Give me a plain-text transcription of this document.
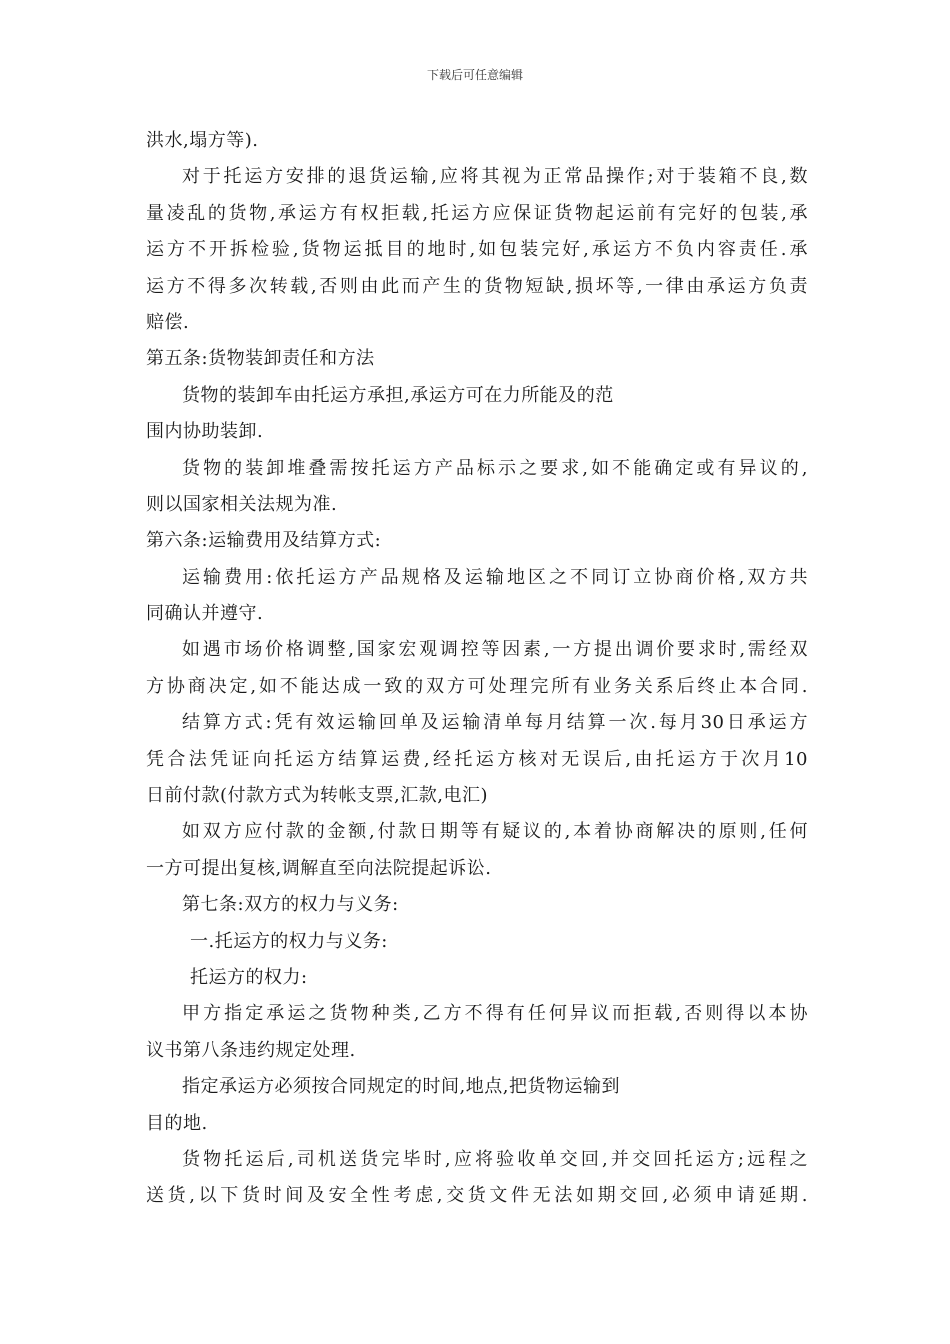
下载后可任意编辑
洪水,塌方等).
对于托运方安排的退货运输,应将其视为正常品操作;对于装箱不良,数
量凌乱的货物,承运方有权拒载,托运方应保证货物起运前有完好的包装,承
运方不开拆检验,货物运抵目的地时,如包装完好,承运方不负内容责任.承
运方不得多次转载,否则由此而产生的货物短缺,损坏等,一律由承运方负责
赔偿.
第五条:货物装卸责任和方法
货物的装卸车由托运方承担,承运方可在力所能及的范
围内协助装卸.
货物的装卸堆叠需按托运方产品标示之要求,如不能确定或有异议的,
则以国家相关法规为准.
第六条:运输费用及结算方式:
运输费用:依托运方产品规格及运输地区之不同订立协商价格,双方共
同确认并遵守.
如遇市场价格调整,国家宏观调控等因素,一方提出调价要求时,需经双
方协商决定,如不能达成一致的双方可处理完所有业务关系后终止本合同.
结算方式:凭有效运输回单及运输清单每月结算一次.每月30日承运方
凭合法凭证向托运方结算运费,经托运方核对无误后,由托运方于次月10
日前付款(付款方式为转帐支票,汇款,电汇)
如双方应付款的金额,付款日期等有疑议的,本着协商解决的原则,任何
一方可提出复核,调解直至向法院提起诉讼.
第七条:双方的权力与义务:
一.托运方的权力与义务:
托运方的权力:
甲方指定承运之货物种类,乙方不得有任何异议而拒载,否则得以本协
议书第八条违约规定处理.
指定承运方必须按合同规定的时间,地点,把货物运输到
目的地.
货物托运后,司机送货完毕时,应将验收单交回,并交回托运方;远程之
送货,以下货时间及安全性考虑,交货文件无法如期交回,必须申请延期.
